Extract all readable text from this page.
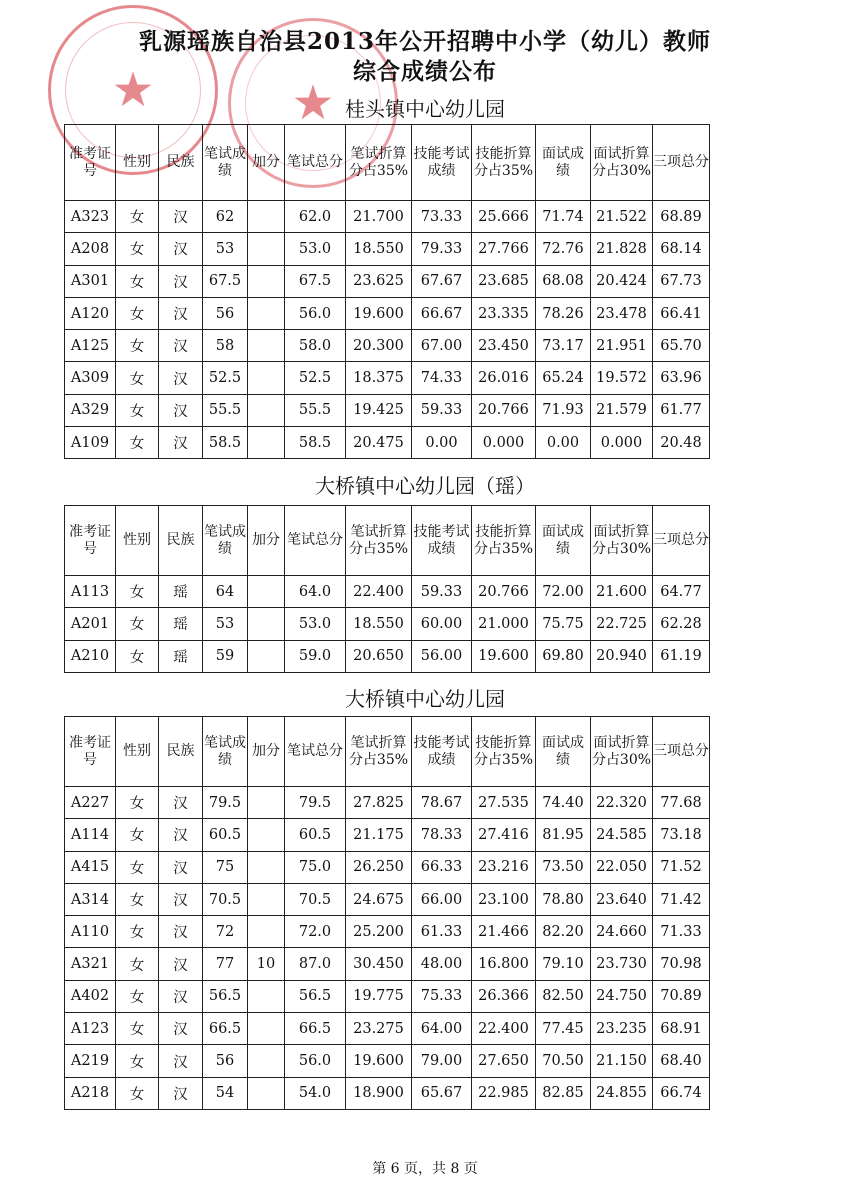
★	★
乳源瑶族自治县2013年公开招聘中小学（幼儿）教师
综合成绩公布
桂头镇中心幼儿园
准考证号	性别	民族	笔试成绩	加分	笔试总分	笔试折算分占35%	技能考试成绩	技能折算分占35%	面试成绩	面试折算分占30%	三项总分
A323	女	汉	62		62.0	21.700	73.33	25.666	71.74	21.522	68.89
A208	女	汉	53		53.0	18.550	79.33	27.766	72.76	21.828	68.14
A301	女	汉	67.5		67.5	23.625	67.67	23.685	68.08	20.424	67.73
A120	女	汉	56		56.0	19.600	66.67	23.335	78.26	23.478	66.41
A125	女	汉	58		58.0	20.300	67.00	23.450	73.17	21.951	65.70
A309	女	汉	52.5		52.5	18.375	74.33	26.016	65.24	19.572	63.96
A329	女	汉	55.5		55.5	19.425	59.33	20.766	71.93	21.579	61.77
A109	女	汉	58.5		58.5	20.475	0.00	0.000	0.00	0.000	20.48
大桥镇中心幼儿园（瑶）
准考证号	性别	民族	笔试成绩	加分	笔试总分	笔试折算分占35%	技能考试成绩	技能折算分占35%	面试成绩	面试折算分占30%	三项总分
A113	女	瑶	64		64.0	22.400	59.33	20.766	72.00	21.600	64.77
A201	女	瑶	53		53.0	18.550	60.00	21.000	75.75	22.725	62.28
A210	女	瑶	59		59.0	20.650	56.00	19.600	69.80	20.940	61.19
大桥镇中心幼儿园
准考证号	性别	民族	笔试成绩	加分	笔试总分	笔试折算分占35%	技能考试成绩	技能折算分占35%	面试成绩	面试折算分占30%	三项总分
A227	女	汉	79.5		79.5	27.825	78.67	27.535	74.40	22.320	77.68
A114	女	汉	60.5		60.5	21.175	78.33	27.416	81.95	24.585	73.18
A415	女	汉	75		75.0	26.250	66.33	23.216	73.50	22.050	71.52
A314	女	汉	70.5		70.5	24.675	66.00	23.100	78.80	23.640	71.42
A110	女	汉	72		72.0	25.200	61.33	21.466	82.20	24.660	71.33
A321	女	汉	77	10	87.0	30.450	48.00	16.800	79.10	23.730	70.98
A402	女	汉	56.5		56.5	19.775	75.33	26.366	82.50	24.750	70.89
A123	女	汉	66.5		66.5	23.275	64.00	22.400	77.45	23.235	68.91
A219	女	汉	56		56.0	19.600	79.00	27.650	70.50	21.150	68.40
A218	女	汉	54		54.0	18.900	65.67	22.985	82.85	24.855	66.74
第 6 页，共 8 页
